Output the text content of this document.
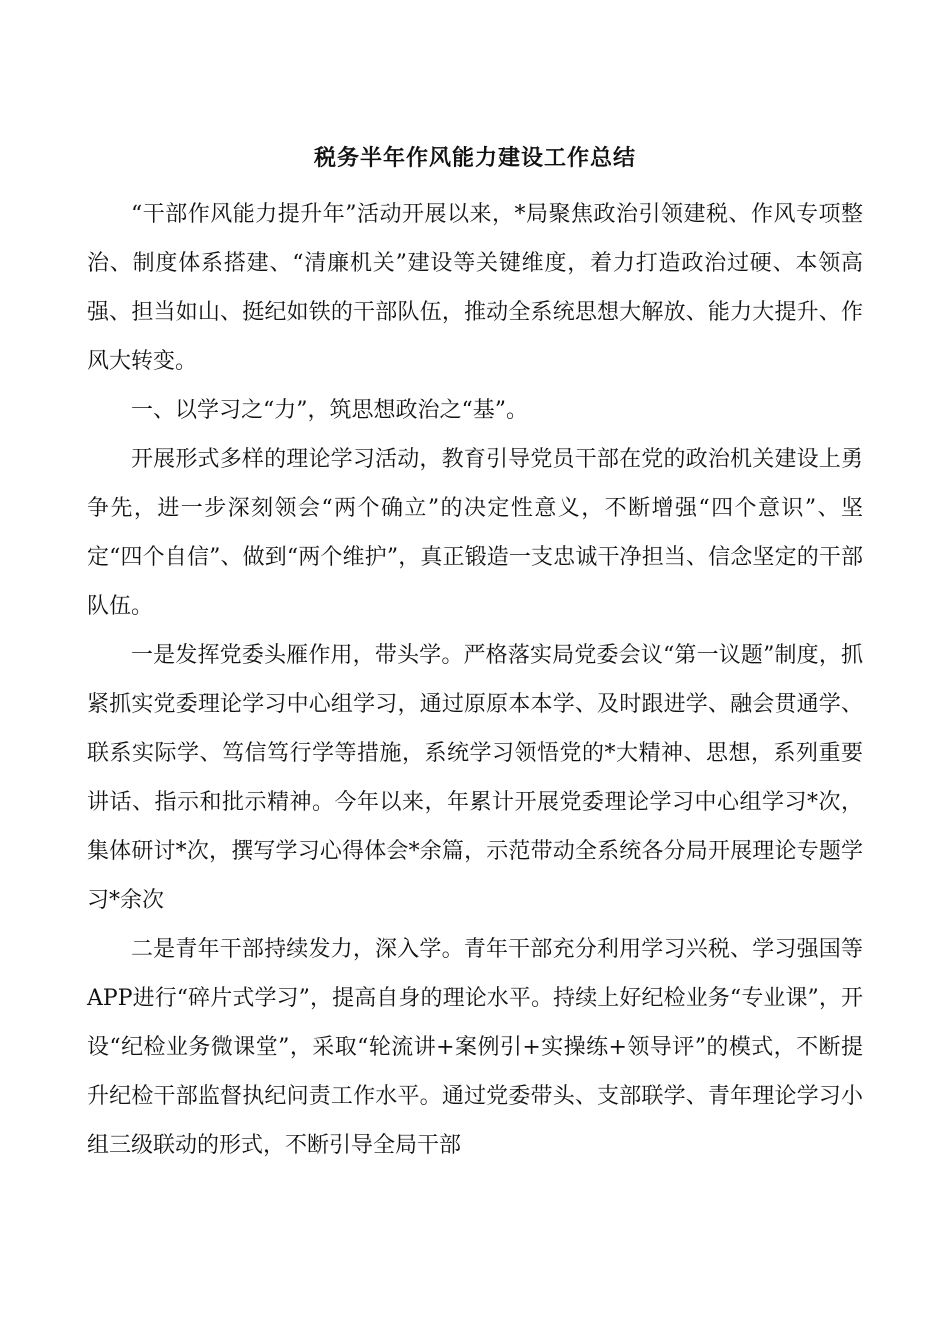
税务半年作风能力建设工作总结

“干部作风能力提升年”活动开展以来，*局聚焦政治引领建税、作风专项整治、制度体系搭建、“清廉机关”建设等关键维度，着力打造政治过硬、本领高强、担当如山、挺纪如铁的干部队伍，推动全系统思想大解放、能力大提升、作风大转变。

一、以学习之“力”，筑思想政治之“基”。

开展形式多样的理论学习活动，教育引导党员干部在党的政治机关建设上勇争先，进一步深刻领会“两个确立”的决定性意义，不断增强“四个意识”、坚定“四个自信”、做到“两个维护”，真正锻造一支忠诚干净担当、信念坚定的干部队伍。

一是发挥党委头雁作用，带头学。严格落实局党委会议“第一议题”制度，抓紧抓实党委理论学习中心组学习，通过原原本本学、及时跟进学、融会贯通学、联系实际学、笃信笃行学等措施，系统学习领悟党的*大精神、思想，系列重要讲话、指示和批示精神。今年以来，年累计开展党委理论学习中心组学习*次，集体研讨*次，撰写学习心得体会*余篇，示范带动全系统各分局开展理论专题学习*余次

二是青年干部持续发力，深入学。青年干部充分利用学习兴税、学习强国等APP进行“碎片式学习”，提高自身的理论水平。持续上好纪检业务“专业课”，开设“纪检业务微课堂”，采取“轮流讲+案例引+实操练+领导评”的模式，不断提升纪检干部监督执纪问责工作水平。通过党委带头、支部联学、青年理论学习小组三级联动的形式，不断引导全局干部
